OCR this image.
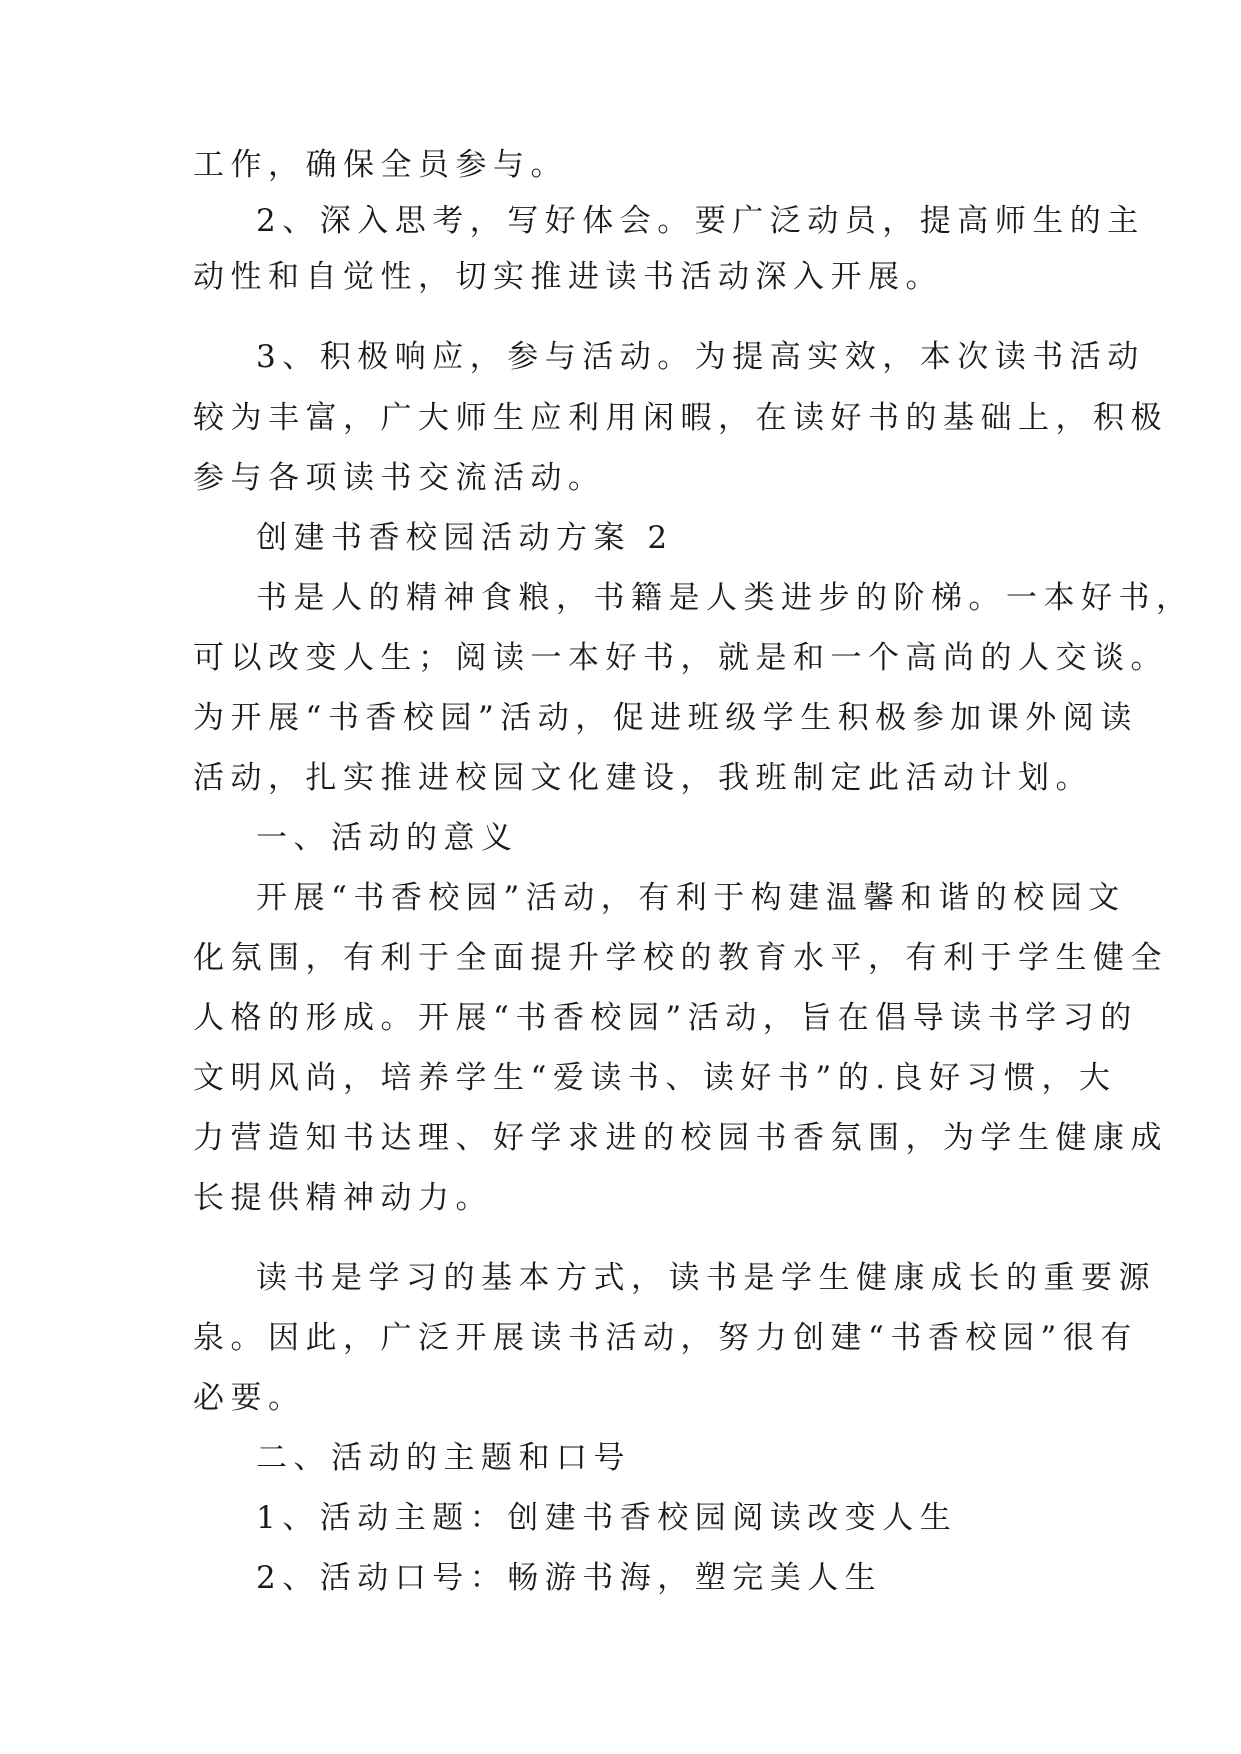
工作，确保全员参与。
2、深入思考，写好体会。要广泛动员，提高师生的主
动性和自觉性，切实推进读书活动深入开展。
3、积极响应，参与活动。为提高实效，本次读书活动
较为丰富，广大师生应利用闲暇，在读好书的基础上，积极
参与各项读书交流活动。
创建书香校园活动方案 2
书是人的精神食粮，书籍是人类进步的阶梯。一本好书，
可以改变人生；阅读一本好书，就是和一个高尚的人交谈。
为开展“书香校园”活动，促进班级学生积极参加课外阅读
活动，扎实推进校园文化建设，我班制定此活动计划。
一、活动的意义
开展“书香校园”活动，有利于构建温馨和谐的校园文
化氛围，有利于全面提升学校的教育水平，有利于学生健全
人格的形成。开展“书香校园”活动，旨在倡导读书学习的
文明风尚，培养学生“爱读书、读好书”的.良好习惯，大
力营造知书达理、好学求进的校园书香氛围，为学生健康成
长提供精神动力。
读书是学习的基本方式，读书是学生健康成长的重要源
泉。因此，广泛开展读书活动，努力创建“书香校园”很有
必要。
二、活动的主题和口号
1、活动主题：创建书香校园阅读改变人生
2、活动口号：畅游书海，塑完美人生
